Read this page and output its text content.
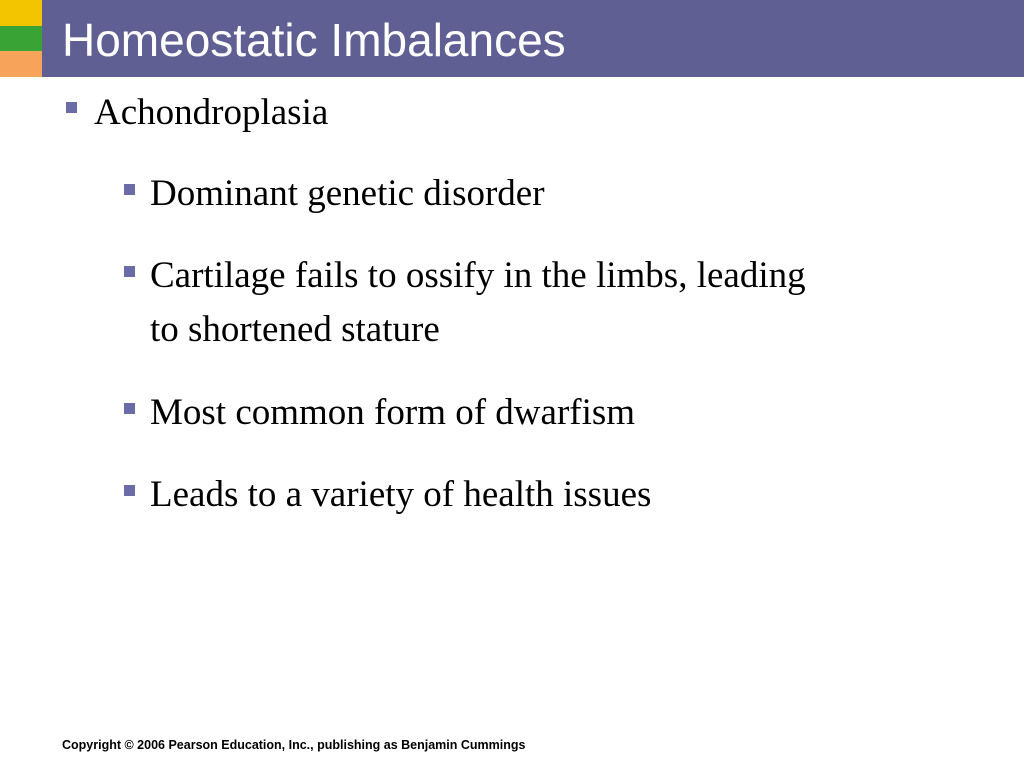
Homeostatic Imbalances
Achondroplasia
Dominant genetic disorder
Cartilage fails to ossify in the limbs, leading to shortened stature
Most common form of dwarfism
Leads to a variety of health issues
Copyright © 2006 Pearson Education, Inc., publishing as Benjamin Cummings
